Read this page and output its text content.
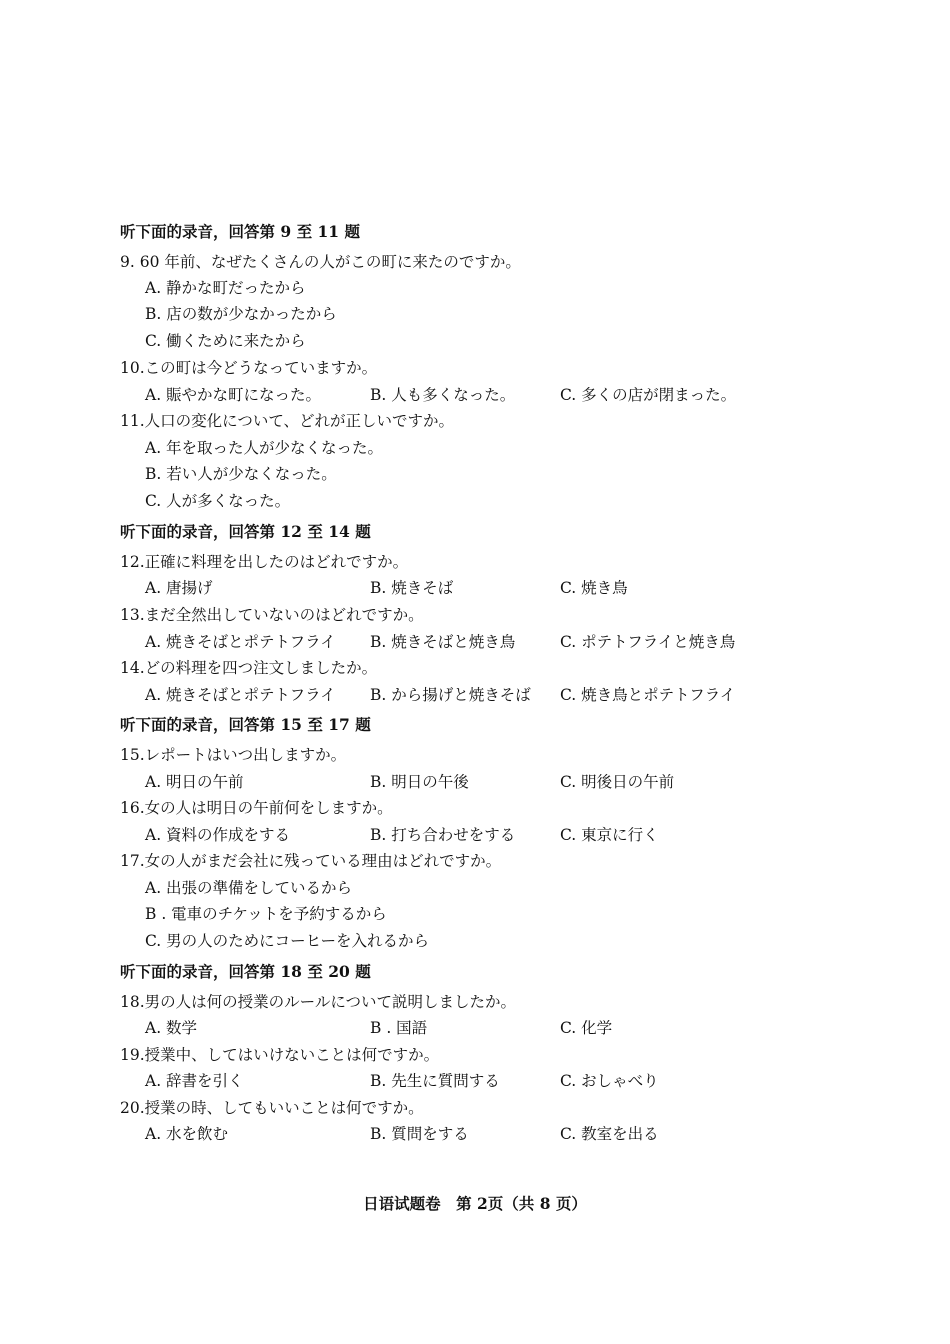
听下面的录音，回答第 9 至 11 题
9. 60 年前、なぜたくさんの人がこの町に来たのですか。
A. 静かな町だったから
B. 店の数が少なかったから
C. 働くために来たから
10.この町は今どうなっていますか。
A. 賑やかな町になった。	B. 人も多くなった。	C. 多くの店が閉まった。
11.人口の変化について、どれが正しいですか。
A. 年を取った人が少なくなった。
B. 若い人が少なくなった。
C. 人が多くなった。
听下面的录音，回答第 12 至 14 题
12.正確に料理を出したのはどれですか。
A. 唐揚げ	B. 焼きそば	C. 焼き鳥
13.まだ全然出していないのはどれですか。
A. 焼きそばとポテトフライ B. 焼きそばと焼き鳥	C. ポテトフライと焼き鳥
14.どの料理を四つ注文しましたか。
A. 焼きそばとポテトフライ B. から揚げと焼きそば C. 焼き鳥とポテトフライ
听下面的录音，回答第 15 至 17 题
15.レポートはいつ出しますか。
A. 明日の午前	B. 明日の午後	C. 明後日の午前
16.女の人は明日の午前何をしますか。
A. 資料の作成をする	B. 打ち合わせをする	C. 東京に行く
17.女の人がまだ会社に残っている理由はどれですか。
A. 出張の準備をしているから
B . 電車のチケットを予約するから
C. 男の人のためにコーヒーを入れるから
听下面的录音，回答第 18 至 20 题
18.男の人は何の授業のルールについて説明しましたか。
A. 数学	B . 国語	C. 化学
19.授業中、してはいけないことは何ですか。
A. 辞書を引く	B. 先生に質問する	C. おしゃべり
20.授業の時、してもいいことは何ですか。
A. 水を飲む	B. 質問をする	C. 教室を出る
日语试题卷　第 2页（共 8 页）
